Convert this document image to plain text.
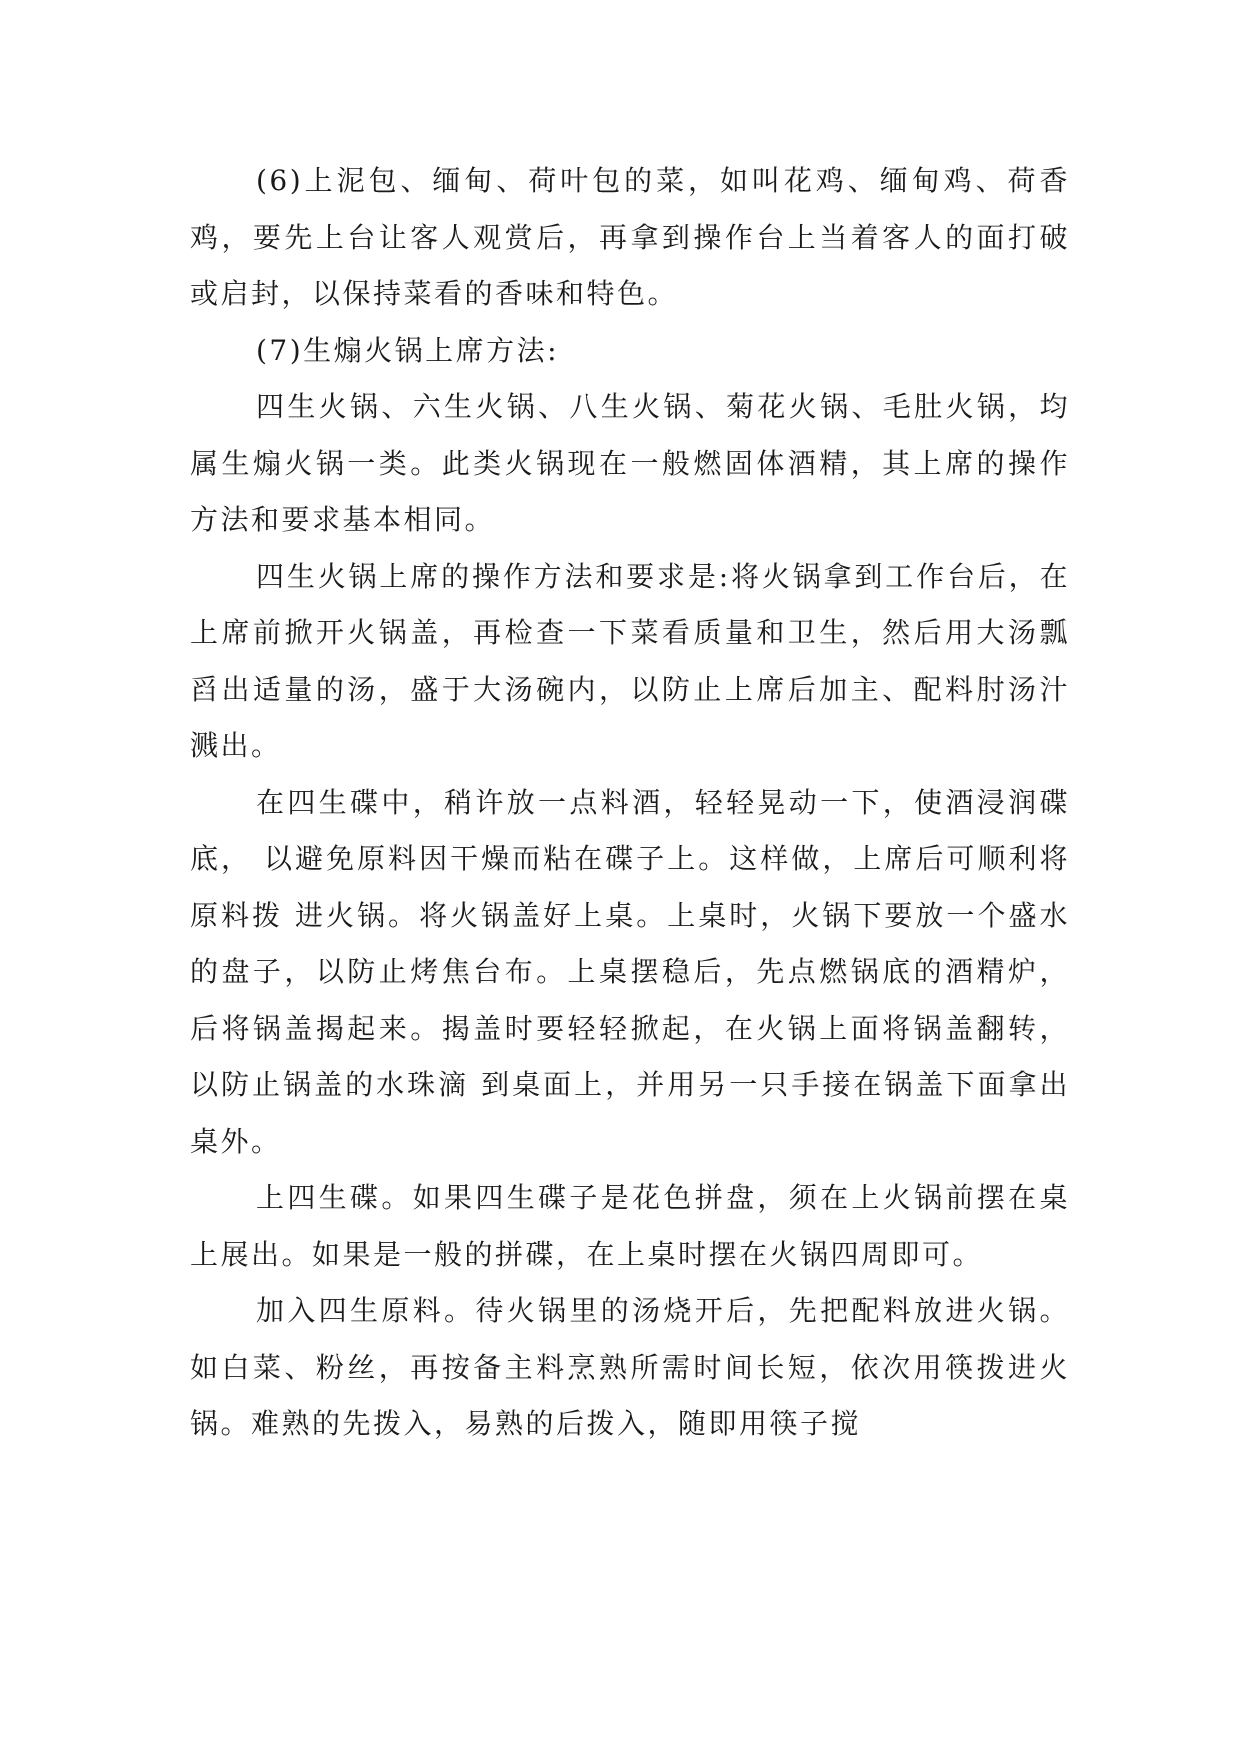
(6)上泥包、缅甸、荷叶包的菜，如叫花鸡、缅甸鸡、荷香鸡，要先上台让客人观赏后，再拿到操作台上当着客人的面打破或启封，以保持菜看的香味和特色。

(7)生煽火锅上席方法:

四生火锅、六生火锅、八生火锅、菊花火锅、毛肚火锅，均属生煽火锅一类。此类火锅现在一般燃固体酒精，其上席的操作方法和要求基本相同。

四生火锅上席的操作方法和要求是:将火锅拿到工作台后，在 上席前掀开火锅盖，再检查一下菜看质量和卫生，然后用大汤瓢舀出适量的汤，盛于大汤碗内，以防止上席后加主、配料肘汤汁溅出。

在四生碟中，稍许放一点料酒，轻轻晃动一下，使酒浸润碟底， 以避免原料因干燥而粘在碟子上。这样做，上席后可顺利将原料拨 进火锅。将火锅盖好上桌。上桌时，火锅下要放一个盛水的盘子，以防止烤焦台布。上桌摆稳后，先点燃锅底的酒精炉，后将锅盖揭起来。揭盖时要轻轻掀起，在火锅上面将锅盖翻转，以防止锅盖的水珠滴 到桌面上，并用另一只手接在锅盖下面拿出桌外。

上四生碟。如果四生碟子是花色拼盘，须在上火锅前摆在桌上展出。如果是一般的拼碟，在上桌时摆在火锅四周即可。

加入四生原料。待火锅里的汤烧开后，先把配料放进火锅。如白菜、粉丝，再按备主料烹熟所需时间长短，依次用筷拨进火锅。难熟的先拨入，易熟的后拨入，随即用筷子搅
